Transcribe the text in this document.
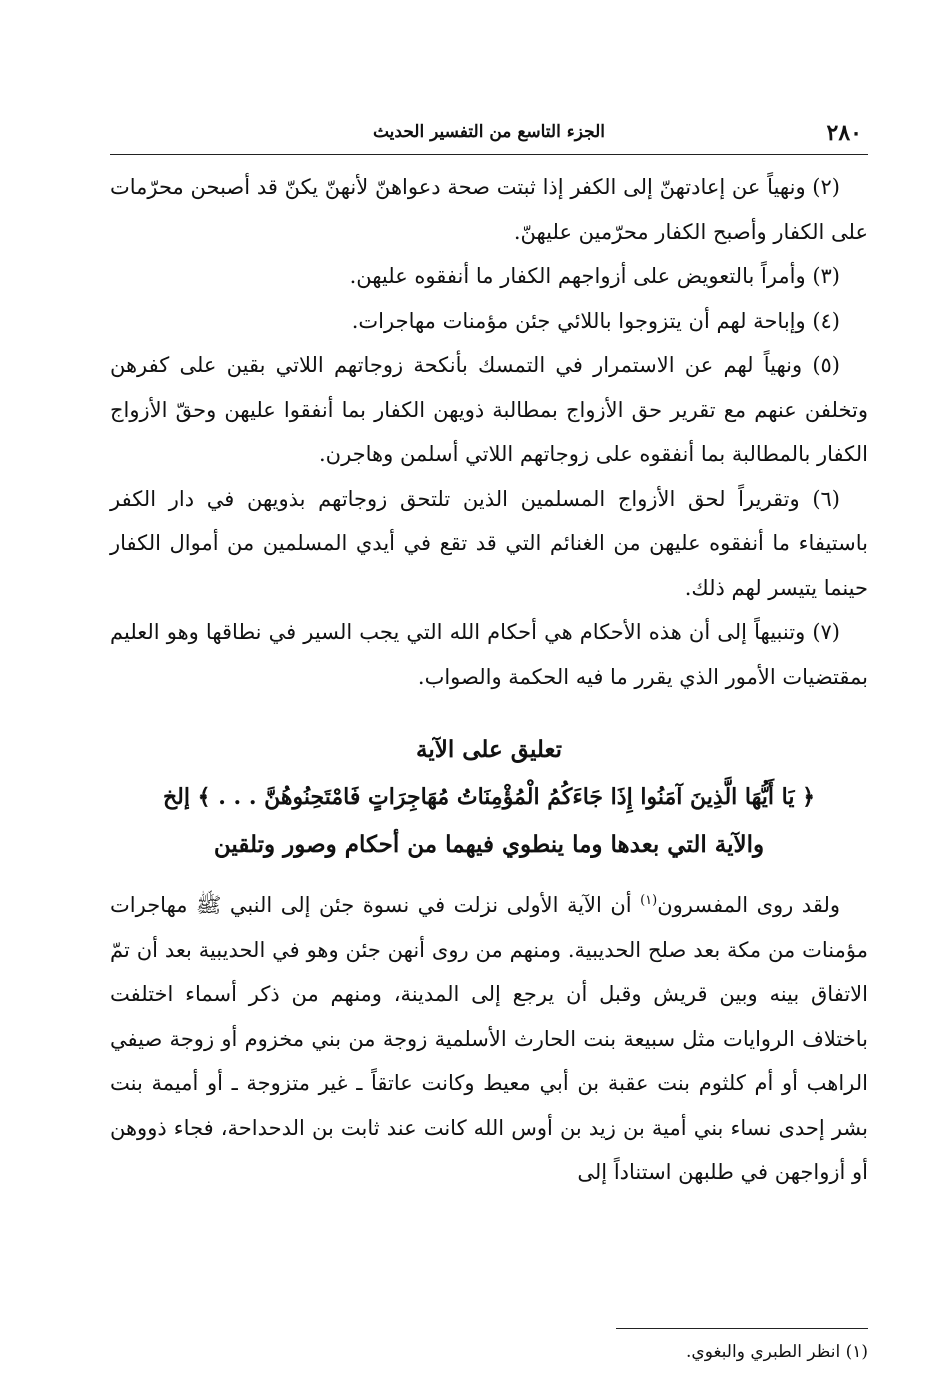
٢٨٠
الجزء التاسع من التفسير الحديث

(٢) ونهياً عن إعادتهنّ إلى الكفر إذا ثبتت صحة دعواهنّ لأنهنّ يكنّ قد أصبحن محرّمات على الكفار وأصبح الكفار محرّمين عليهنّ.

(٣) وأمراً بالتعويض على أزواجهم الكفار ما أنفقوه عليهن.

(٤) وإباحة لهم أن يتزوجوا باللائي جئن مؤمنات مهاجرات.

(٥) ونهياً لهم عن الاستمرار في التمسك بأنكحة زوجاتهم اللاتي بقين على كفرهن وتخلفن عنهم مع تقرير حق الأزواج بمطالبة ذويهن الكفار بما أنفقوا عليهن وحقّ الأزواج الكفار بالمطالبة بما أنفقوه على زوجاتهم اللاتي أسلمن وهاجرن.

(٦) وتقريراً لحق الأزواج المسلمين الذين تلتحق زوجاتهم بذويهن في دار الكفر باستيفاء ما أنفقوه عليهن من الغنائم التي قد تقع في أيدي المسلمين من أموال الكفار حينما يتيسر لهم ذلك.

(٧) وتنبيهاً إلى أن هذه الأحكام هي أحكام الله التي يجب السير في نطاقها وهو العليم بمقتضيات الأمور الذي يقرر ما فيه الحكمة والصواب.

تعليق على الآية
﴿ يَا أَيُّهَا الَّذِينَ آمَنُوا إِذَا جَاءَكُمُ الْمُؤْمِنَاتُ مُهَاجِرَاتٍ فَامْتَحِنُوهُنَّ . . . ﴾ إلخ
والآية التي بعدها وما ينطوي فيهما من أحكام وصور وتلقين

ولقد روى المفسرون$^{(١)}$ أن الآية الأولى نزلت في نسوة جئن إلى النبي ﷺ مهاجرات مؤمنات من مكة بعد صلح الحديبية. ومنهم من روى أنهن جئن وهو في الحديبية بعد أن تمّ الاتفاق بينه وبين قريش وقبل أن يرجع إلى المدينة، ومنهم من ذكر أسماء اختلفت باختلاف الروايات مثل سبيعة بنت الحارث الأسلمية زوجة من بني مخزوم أو زوجة صيفي الراهب أو أم كلثوم بنت عقبة بن أبي معيط وكانت عاتقاً ـ غير متزوجة ـ أو أميمة بنت بشر إحدى نساء بني أمية بن زيد بن أوس الله كانت عند ثابت بن الدحداحة، فجاء ذووهن أو أزواجهن في طلبهن استناداً إلى

(١) انظر الطبري والبغوي.
